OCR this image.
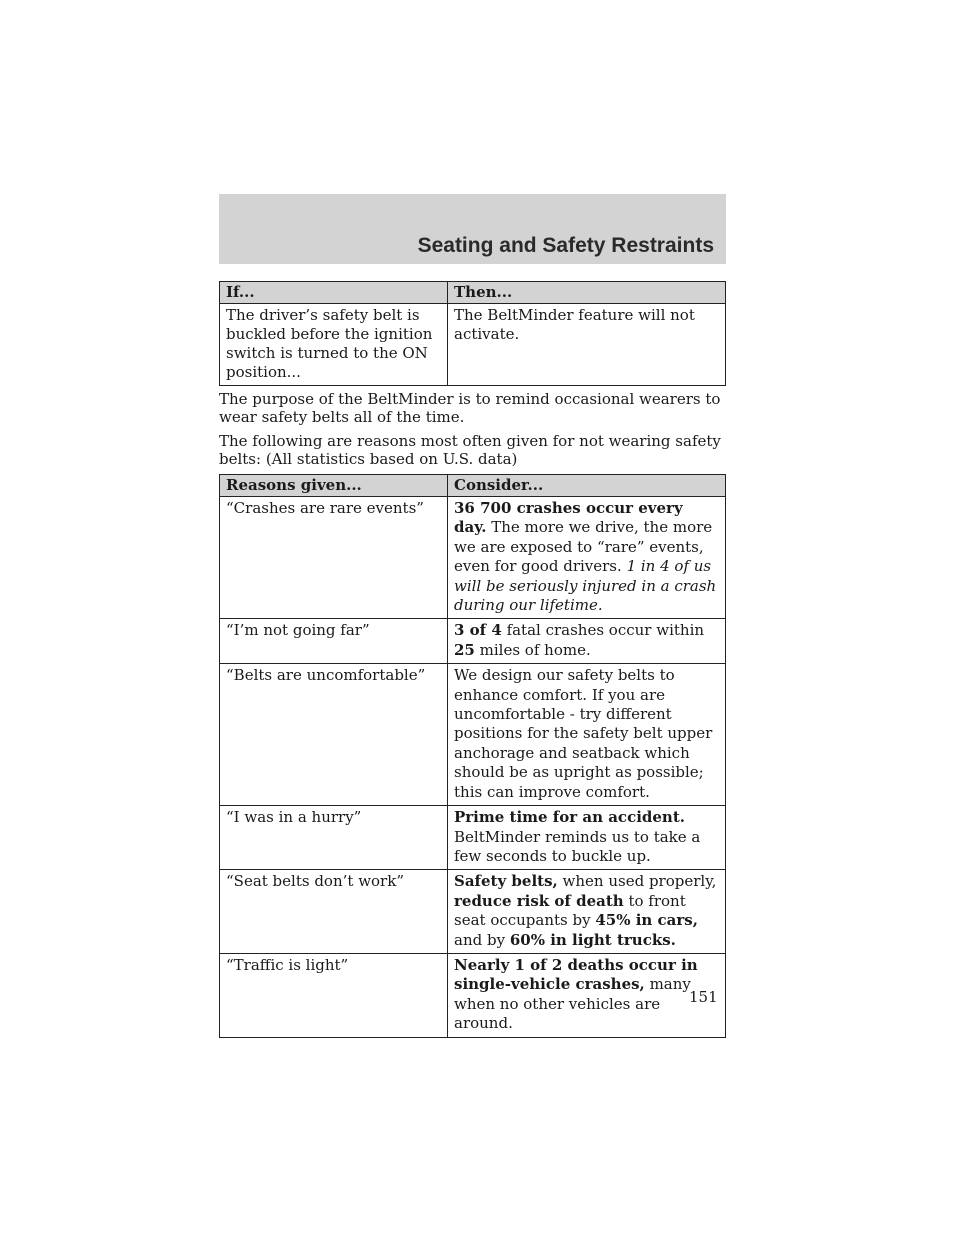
Seating and Safety Restraints
If...	Then...
The driver’s safety belt is buckled before the ignition switch is turned to the ON position...	The BeltMinder feature will not activate.

The purpose of the BeltMinder is to remind occasional wearers to wear safety belts all of the time.

The following are reasons most often given for not wearing safety belts: (All statistics based on U.S. data)

Reasons given...	Consider...
“Crashes are rare events”	36 700 crashes occur every day. The more we drive, the more we are exposed to “rare” events, even for good drivers. 1 in 4 of us will be seriously injured in a crash during our lifetime.
“I’m not going far”	3 of 4 fatal crashes occur within 25 miles of home.
“Belts are uncomfortable”	We design our safety belts to enhance comfort. If you are uncomfortable - try different positions for the safety belt upper anchorage and seatback which should be as upright as possible; this can improve comfort.
“I was in a hurry”	Prime time for an accident. BeltMinder reminds us to take a few seconds to buckle up.
“Seat belts don’t work”	Safety belts, when used properly, reduce risk of death to front seat occupants by 45% in cars, and by 60% in light trucks.
“Traffic is light”	Nearly 1 of 2 deaths occur in single-vehicle crashes, many when no other vehicles are around.
151
